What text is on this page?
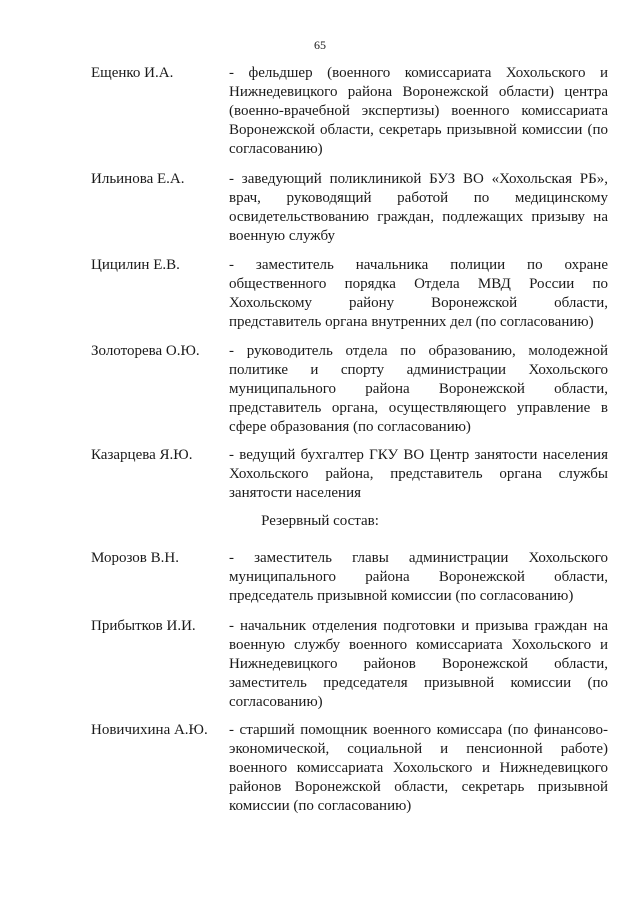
65
Ещенко И.А.	- фельдшер (военного комиссариата Хохольского и
Нижнедевицкого района Воронежской области) центра
(военно-врачебной экспертизы) военного комиссариата
Воронежской области, секретарь призывной комиссии (по
согласованию)
Ильинова Е.А.	- заведующий поликлиникой БУЗ ВО «Хохольская РБ»,
врач, руководящий работой по медицинскому
освидетельствованию граждан, подлежащих призыву на
военную службу
Цицилин Е.В.	- заместитель начальника полиции по охране
общественного порядка Отдела МВД России по
Хохольскому району Воронежской области,
представитель органа внутренних дел (по согласованию)
Золоторева О.Ю. - руководитель отдела по образованию, молодежной
политике и спорту администрации Хохольского
муниципального района Воронежской области,
представитель органа, осуществляющего управление в
сфере образования (по согласованию)
Казарцева Я.Ю. - ведущий бухгалтер ГКУ ВО Центр занятости населения
Хохольского района, представитель органа службы
занятости населения
Резервный состав:
Морозов В.Н.	- заместитель главы администрации Хохольского
муниципального района Воронежской области,
председатель призывной комиссии (по согласованию)
Прибытков И.И. - начальник отделения подготовки и призыва граждан на
военную службу военного комиссариата Хохольского и
Нижнедевицкого районов Воронежской области,
заместитель председателя призывной комиссии (по
согласованию)
Новичихина А.Ю. - старший помощник военного комиссара (по финансово-
экономической, социальной и пенсионной работе)
военного комиссариата Хохольского и Нижнедевицкого
районов Воронежской области, секретарь призывной
комиссии (по согласованию)
